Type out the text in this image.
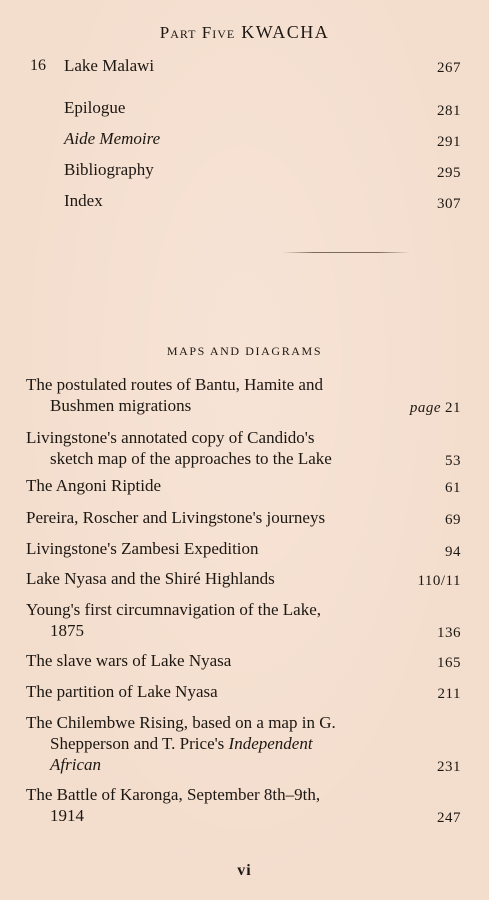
Part Five KWACHA
16 Lake Malawi	267
Epilogue	281
Aide Memoire	291
Bibliography	295
Index	307
MAPS AND DIAGRAMS
The postulated routes of Bantu, Hamite and
Bushmen migrations	page 21
Livingstone's annotated copy of Candido's
sketch map of the approaches to the Lake	53
The Angoni Riptide	61
Pereira, Roscher and Livingstone's journeys	69
Livingstone's Zambesi Expedition	94
Lake Nyasa and the Shiré Highlands	110/11
Young's first circumnavigation of the Lake,
1875	136
The slave wars of Lake Nyasa	165
The partition of Lake Nyasa	211
The Chilembwe Rising, based on a map in G.
Shepperson and T. Price's Independent
African	231
The Battle of Karonga, September 8th–9th,
1914	247
vi
